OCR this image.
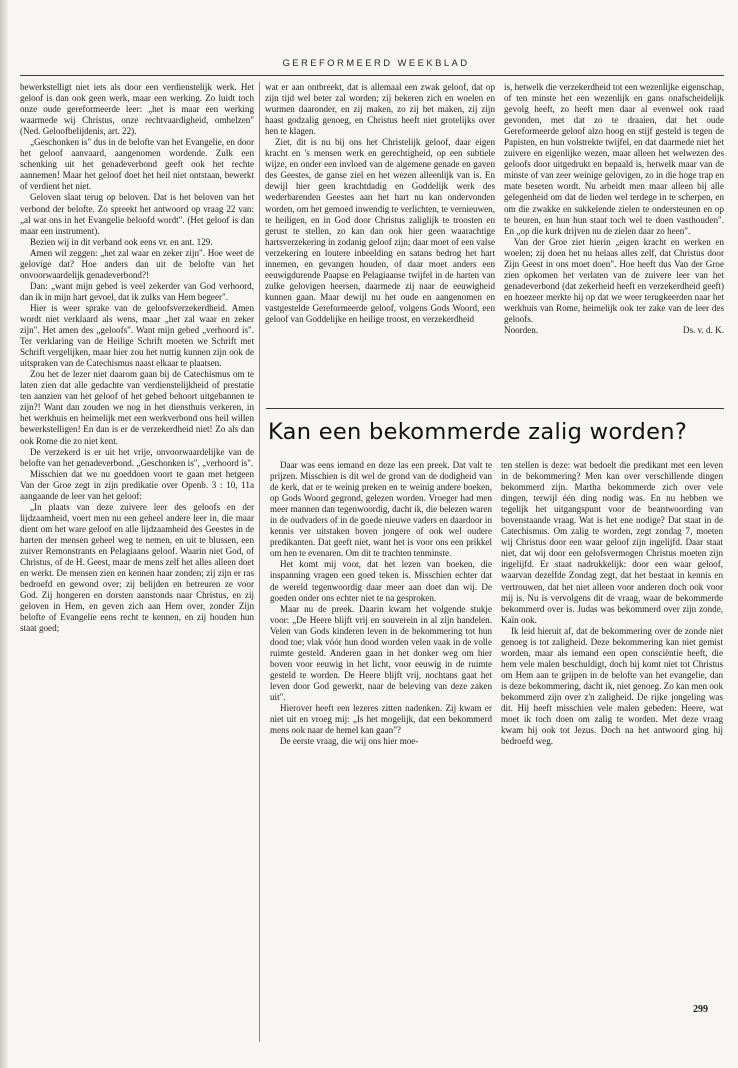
GEREFORMEERD WEEKBLAD

bewerkstelligt niet iets als door een verdienstelijk werk. Het geloof is dan ook geen werk, maar een werking. Zo luidt toch onze oude gereformeerde leer: „het is maar een werking waarmede wij Christus, onze rechtvaardigheid, omhelzen" (Ned. Geloofbelijdenis, art. 22).

„Geschonken is" dus in de belofte van het Evangelie, en door het geloof aanvaard, aangenomen wordende. Zulk een schenking uit het genadeverbond geeft ook het rechte aannemen! Maar het geloof doet het heil niet ontstaan, bewerkt of verdient het niet.

Geloven slaat terug op beloven. Dat is het beloven van het verbond der belofte. Zo spreekt het antwoord op vraag 22 van: „al wat ons in het Evangelie beloofd wordt". (Het geloof is dan maar een instrument).

Bezien wij in dit verband ook eens vr. en ant. 129.

Amen wil zeggen: „het zal waar en zeker zijn". Hoe weet de gelovige dat? Hoe anders dan uit de belofte van het onvoorwaardelijk genadeverbond?!

Dan: „want mijn gebed is veel zekerder van God verhoord, dan ik in mijn hart gevoel, dat ik zulks van Hem begeer".

Hier is weer sprake van de geloofsverzekerdheid. Amen wordt niet verklaard als wens, maar „het zal waar en zeker zijn". Het amen des „geloofs". Want mijn gebed „verhoord is". Ter verklaring van de Heilige Schrift moeten we Schrift met Schrift vergelijken, maar hier zou het nuttig kunnen zijn ook de uitspraken van de Catechismus naast elkaar te plaatsen.

Zou het de lezer niet daarom gaan bij de Catechismus om te laten zien dat alle gedachte van verdienstelijkheid of prestatie ten aanzien van het geloof of het gebed behoort uitgebannen te zijn?! Want dan zouden we nog in het diensthuis verkeren, in het werkhuis en heimelijk met een werkverbond ons heil willen bewerkstelligen! En dan is er de verzekerdheid niet! Zo als dan ook Rome die zo niet kent.

De verzekerd is er uit het vrije, onvoorwaardelijke van de belofte van het genadeverbond. „Geschonken is", „verhoord is".

Misschien dat we nu goeddoen voort te gaan met hetgeen Van der Groe zegt in zijn predikatie over Openb. 3 : 10, 11a aangaande de leer van het geloof:

„In plaats van deze zuivere leer des geloofs en der lijdzaamheid, voert men nu een geheel andere leer in, die maar dient om het ware geloof en alle lijdzaamheid des Geestes in de harten der mensen geheel weg te nemen, en uit te blussen, een zuiver Remonstrants en Pelagiaans geloof. Waarin niet God, of Christus, of de H. Geest, maar de mens zelf het alles alleen doet en werkt. De mensen zien en kennen haar zonden; zij zijn er ras bedroefd en gewond over; zij belijden en betreuren ze voor God. Zij hongeren en dorsten aanstonds naar Christus, en zij geloven in Hem, en geven zich aan Hem over, zonder Zijn belofte of Evangelie eens recht te kennen, en zij houden hun staat goed;

wat er aan ontbreekt, dat is allemaal een zwak geloof, dat op zijn tijd wel beter zal worden; zij bekeren zich en woelen en wurmen daaronder, en zij maken, zo zij het maken, zij zijn haast godzalig genoeg, en Christus heeft niet grotelijks over hen te klagen.

Ziet, dit is nu bij ons het Christelijk geloof, daar eigen kracht en 's mensen werk en gerechtigheid, op een subtiele wijze, en onder een invloed van de algemene genade en gaven des Geestes, de ganse ziel en het wezen alleenlijk van is. En dewijl hier geen krachtdadig en Goddelijk werk des wederbarenden Geestes aan het hart nu kan ondervonden worden, om het gemoed inwendig te verlichten, te vernieuwen, te heiligen, en in God door Christus zaliglijk te troosten en gerust te stellen, zo kan dan ook hier geen waarachtige hartsverzekering in zodanig geloof zijn; daar moet of een valse verzekering en loutere inbeelding en satans bedrog het hart innemen, en gevangen houden, of daar moet anders een eeuwigdurende Paapse en Pelagiaanse twijfel in de harten van zulke gelovigen heersen, daarmede zij naar de eeuwigheid kunnen gaan. Maar dewijl nu het oude en aangenomen en vastgestelde Gereformeerde geloof, volgens Gods Woord, een geloof van Goddelijke en heilige troost, en verzekerdheid

is, hetwelk die verzekerdheid tot een wezenlijke eigenschap, of ten minste het een wezenlijk en gans onafscheidelijk gevolg heeft, zo heeft men daar al evenwel ook raad gevonden, met dat zo te draaien, dat het oude Gereformeerde geloof alzo hoog en stijf gesteld is tegen de Papisten, en hun volstrekte twijfel, en dat daarmede niet het zuivere en eigenlijke wezen, maar alleen het welwezen des geloofs door uitgedrukt en bepaald is, hetwelk maar van de minste of van zeer weinige gelovigen, zo in die hoge trap en mate beseten wordt. Nu arbeidt men maar alleen bij alle gelegenheid om dat de lieden wel terdege in te scherpen, en om die zwakke en sukkelende zielen te ondersteunen en op te beuren, en hun hun staat toch wel te doen vasthouden". En „op die kurk drijven nu de zielen daar zo heen".

Van der Groe ziet hierin „eigen kracht en werken en woelen; zij doen het nu helaas alles zelf, dat Christus door Zijn Geest in ons moet doen". Hoe heeft dus Van der Groe zien opkomen het verlaten van de zuivere leer van het genadeverbond (dat zekerheid heeft en verzekerdheid geeft) en hoezeer merkte hij op dat we weer terugkeerden naar het werkhuis van Rome, heimelijk ook ter zake van de leer des geloofs.

Noorden.	Ds. v. d. K.

Kan een bekommerde zalig worden?

Daar was eens iemand en deze las een preek. Dat valt te prijzen. Misschien is dit wel de grond van de dodigheid van de kerk, dat er te weinig preken en te weinig andere boeken, op Gods Woord gegrond, gelezen worden. Vroeger had men meer mannen dan tegenwoordig, dacht ik, die belezen waren in de oudvaders of in de goede nieuwe vaders en daardoor in kennis ver uitstaken boven jongere of ook wel oudere predikanten. Dat geeft niet, want het is voor ons een prikkel om hen te evenaren. Om dit te trachten tenminste.

Het komt mij voor, dat het lezen van boeken, die inspanning vragen een goed teken is. Misschien echter dat de wereld tegenwoordig daar meer aan doet dan wij. De goeden onder ons echter niet te na gesproken.

Maar nu de preek. Daarin kwam het volgende stukje voor: „De Heere blijft vrij en souverein in al zijn handelen. Velen van Gods kinderen leven in de bekommering tot hun dood toe; vlak vóór hun dood worden velen vaak in de volle ruimte gesteld. Anderen gaan in het donker weg om hier boven voor eeuwig in het licht, voor eeuwig in de ruimte gesteld te worden. De Heere blijft vrij, nochtans gaat het leven door God gewerkt, naar de beleving van deze zaken uit".

Hierover heeft een lezeres zitten nadenken. Zij kwam er niet uit en vroeg mij: „Is het mogelijk, dat een bekommerd mens ook naar de hemel kan gaan"?

De eerste vraag, die wij ons hier moe-

ten stellen is deze: wat bedoelt die predikant met een leven in de bekommering? Men kan over verschillende dingen bekommerd zijn. Martha bekommerde zich over vele dingen, terwijl één ding nodig was. En nu hebben we tegelijk het uitgangspunt voor de beantwoording van bovenstaande vraag. Wat is het ene nodige? Dat staat in de Catechismus. Om zalig te worden, zegt zondag 7, moeten wij Christus door een waar geloof zijn ingelijfd. Daar staat niet, dat wij door een gelofsvermogen Christus moeten zijn ingelijfd. Er staat nadrukkelijk: door een waar geloof, waarvan dezelfde Zondag zegt, dat het bestaat in kennis en vertrouwen, dat het niet alleen voor anderen doch ook voor mij is. Nu is vervolgens dit de vraag, waar de bekommerde bekommerd over is. Judas was bekommerd over zijn zonde, Kaïn ook.

Ik leid hieruit af, dat de bekommering over de zonde niet genoeg is tot zaligheid. Deze bekommering kan niet gemist worden, maar als iemand een open consciëntie heeft, die hem vele malen beschuldigt, doch hij komt niet tot Christus om Hem aan te grijpen in de belofte van het evangelie, dan is deze bekommering, dacht ik, niet genoeg. Zo kan men ook bekommerd zijn over z'n zaligheid. De rijke jongeling was dit. Hij heeft misschien vele malen gebeden: Heere, wat moet ik toch doen om zalig te worden. Met deze vraag kwam hij ook tot Jezus. Doch na het antwoord ging hij bedroefd weg.

299
